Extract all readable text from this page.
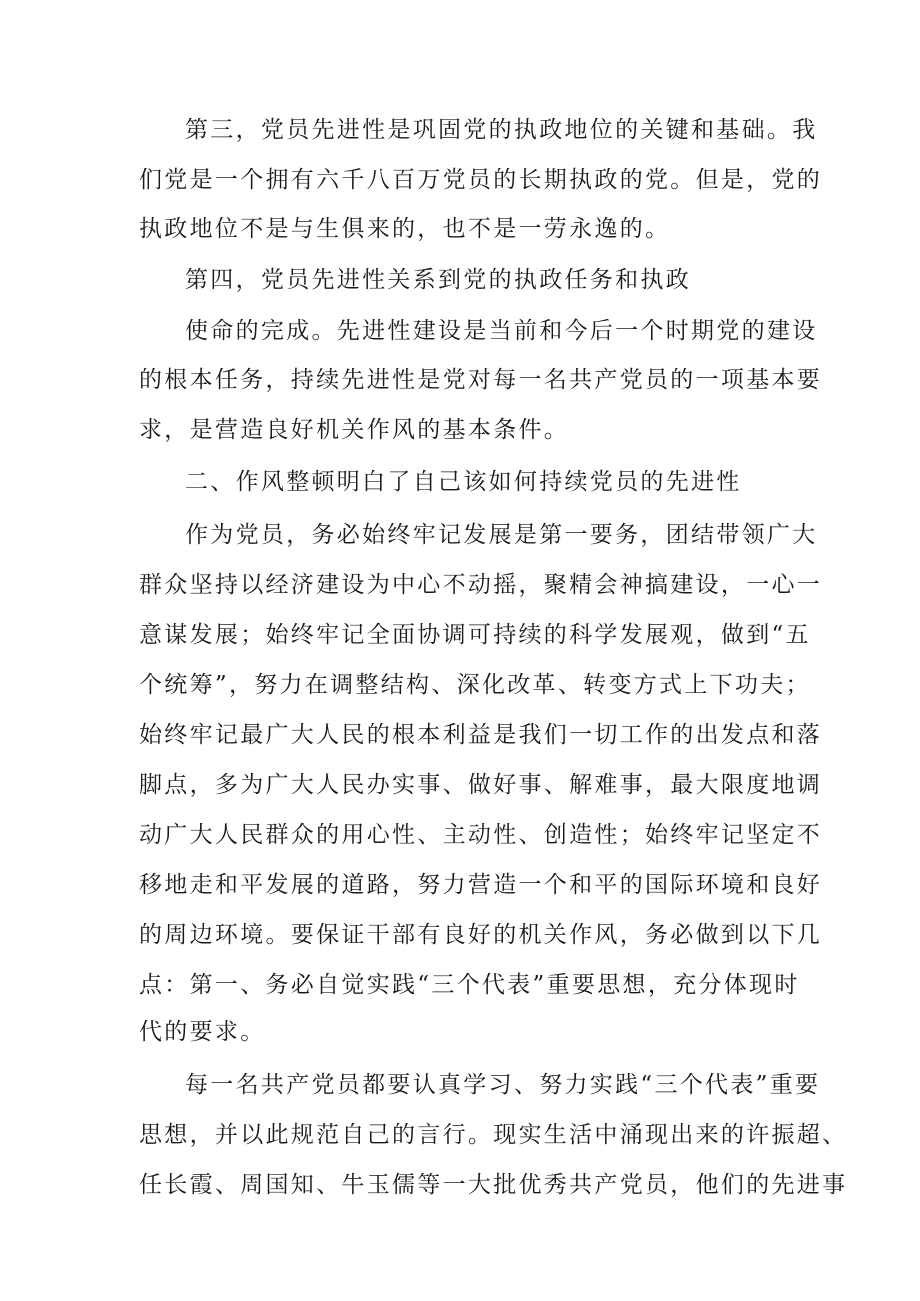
第三，党员先进性是巩固党的执政地位的关键和基础。我
们党是一个拥有六千八百万党员的长期执政的党。但是，党的
执政地位不是与生俱来的，也不是一劳永逸的。
第四，党员先进性关系到党的执政任务和执政
使命的完成。先进性建设是当前和今后一个时期党的建设
的根本任务，持续先进性是党对每一名共产党员的一项基本要
求，是营造良好机关作风的基本条件。
二、作风整顿明白了自己该如何持续党员的先进性
作为党员，务必始终牢记发展是第一要务，团结带领广大
群众坚持以经济建设为中心不动摇，聚精会神搞建设，一心一
意谋发展；始终牢记全面协调可持续的科学发展观，做到“五
个统筹”，努力在调整结构、深化改革、转变方式上下功夫；
始终牢记最广大人民的根本利益是我们一切工作的出发点和落
脚点，多为广大人民办实事、做好事、解难事，最大限度地调
动广大人民群众的用心性、主动性、创造性；始终牢记坚定不
移地走和平发展的道路，努力营造一个和平的国际环境和良好
的周边环境。要保证干部有良好的机关作风，务必做到以下几
点：第一、务必自觉实践“三个代表”重要思想，充分体现时
代的要求。
每一名共产党员都要认真学习、努力实践“三个代表”重要
思想，并以此规范自己的言行。现实生活中涌现出来的许振超、
任长霞、周国知、牛玉儒等一大批优秀共产党员，他们的先进事
